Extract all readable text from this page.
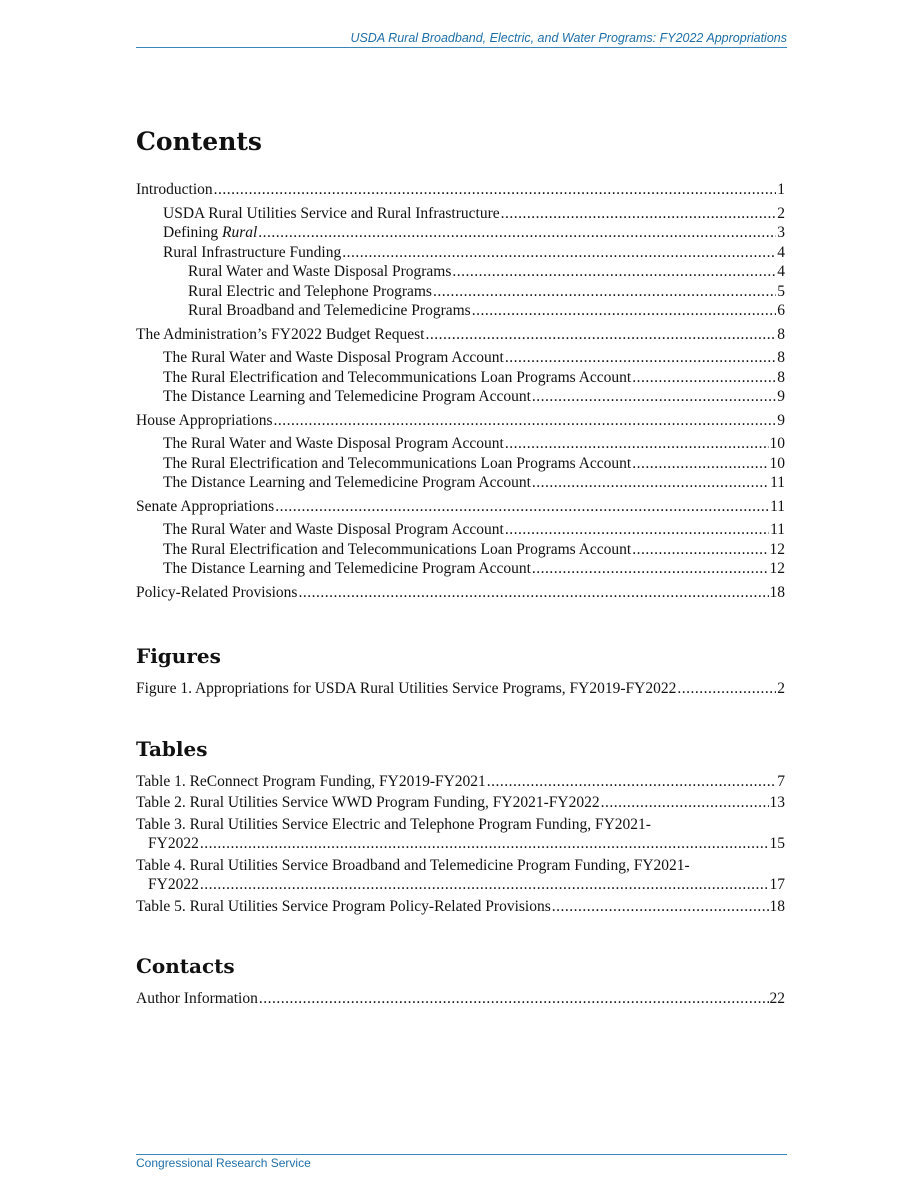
USDA Rural Broadband, Electric, and Water Programs: FY2022 Appropriations
Contents
Introduction .....	1
USDA Rural Utilities Service and Rural Infrastructure .....	2
Defining Rural .....	3
Rural Infrastructure Funding .....	4
Rural Water and Waste Disposal Programs .....	4
Rural Electric and Telephone Programs .....	5
Rural Broadband and Telemedicine Programs .....	6
The Administration’s FY2022 Budget Request .....	8
The Rural Water and Waste Disposal Program Account .....	8
The Rural Electrification and Telecommunications Loan Programs Account .....	8
The Distance Learning and Telemedicine Program Account .....	9
House Appropriations .....	9
The Rural Water and Waste Disposal Program Account .....	10
The Rural Electrification and Telecommunications Loan Programs Account .....	10
The Distance Learning and Telemedicine Program Account .....	11
Senate Appropriations .....	11
The Rural Water and Waste Disposal Program Account .....	11
The Rural Electrification and Telecommunications Loan Programs Account .....	12
The Distance Learning and Telemedicine Program Account .....	12
Policy-Related Provisions .....	18
Figures
Figure 1. Appropriations for USDA Rural Utilities Service Programs, FY2019-FY2022 .....	2
Tables
Table 1. ReConnect Program Funding, FY2019-FY2021 .....	7
Table 2. Rural Utilities Service WWD Program Funding, FY2021-FY2022 .....	13
Table 3. Rural Utilities Service Electric and Telephone Program Funding, FY2021-
FY2022 .....	15
Table 4. Rural Utilities Service Broadband and Telemedicine Program Funding, FY2021-
FY2022 .....	17
Table 5. Rural Utilities Service Program Policy-Related Provisions .....	18
Contacts
Author Information .....	22
Congressional Research Service
